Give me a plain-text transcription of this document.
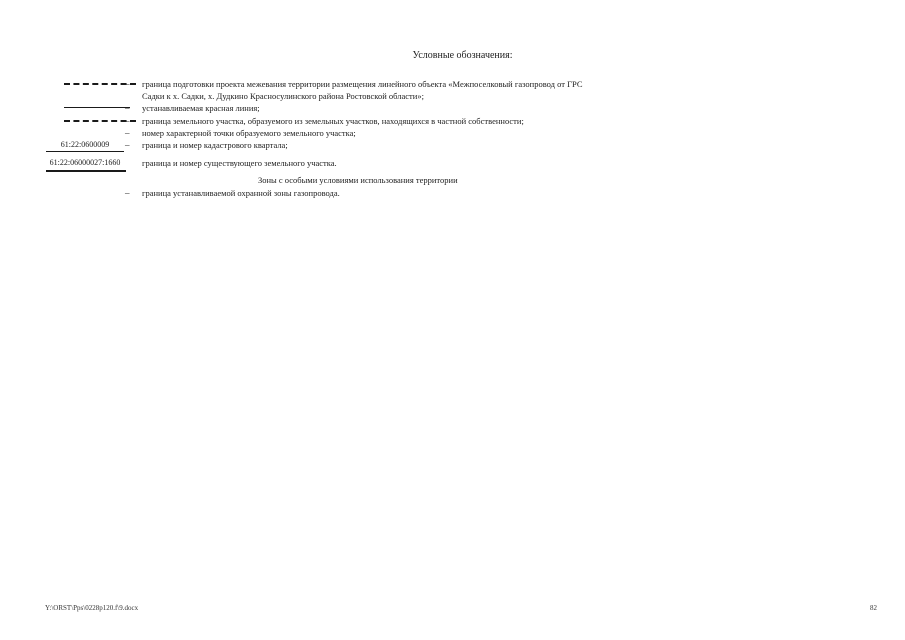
Условные обозначения:
– граница подготовки проекта межевания территории размещения линейного объекта «Межпоселковый газопровод от ГРС
Садки к х. Садки, х. Дудкино Красносулинского района Ростовской области»;
– устанавливаемая красная линия;
– граница земельного участка, образуемого из земельных участков, находящихся в частной собственности;
– номер характерной точки образуемого земельного участка;
61:22:0600009	– граница и номер кадастрового квартала;
61:22:06000027:1660	граница и номер существующего земельного участка.
Зоны с особыми условиями использования территории
– граница устанавливаемой охранной зоны газопровода.
Y:\ORST\Pps\0228p120.f\9.docx	82
